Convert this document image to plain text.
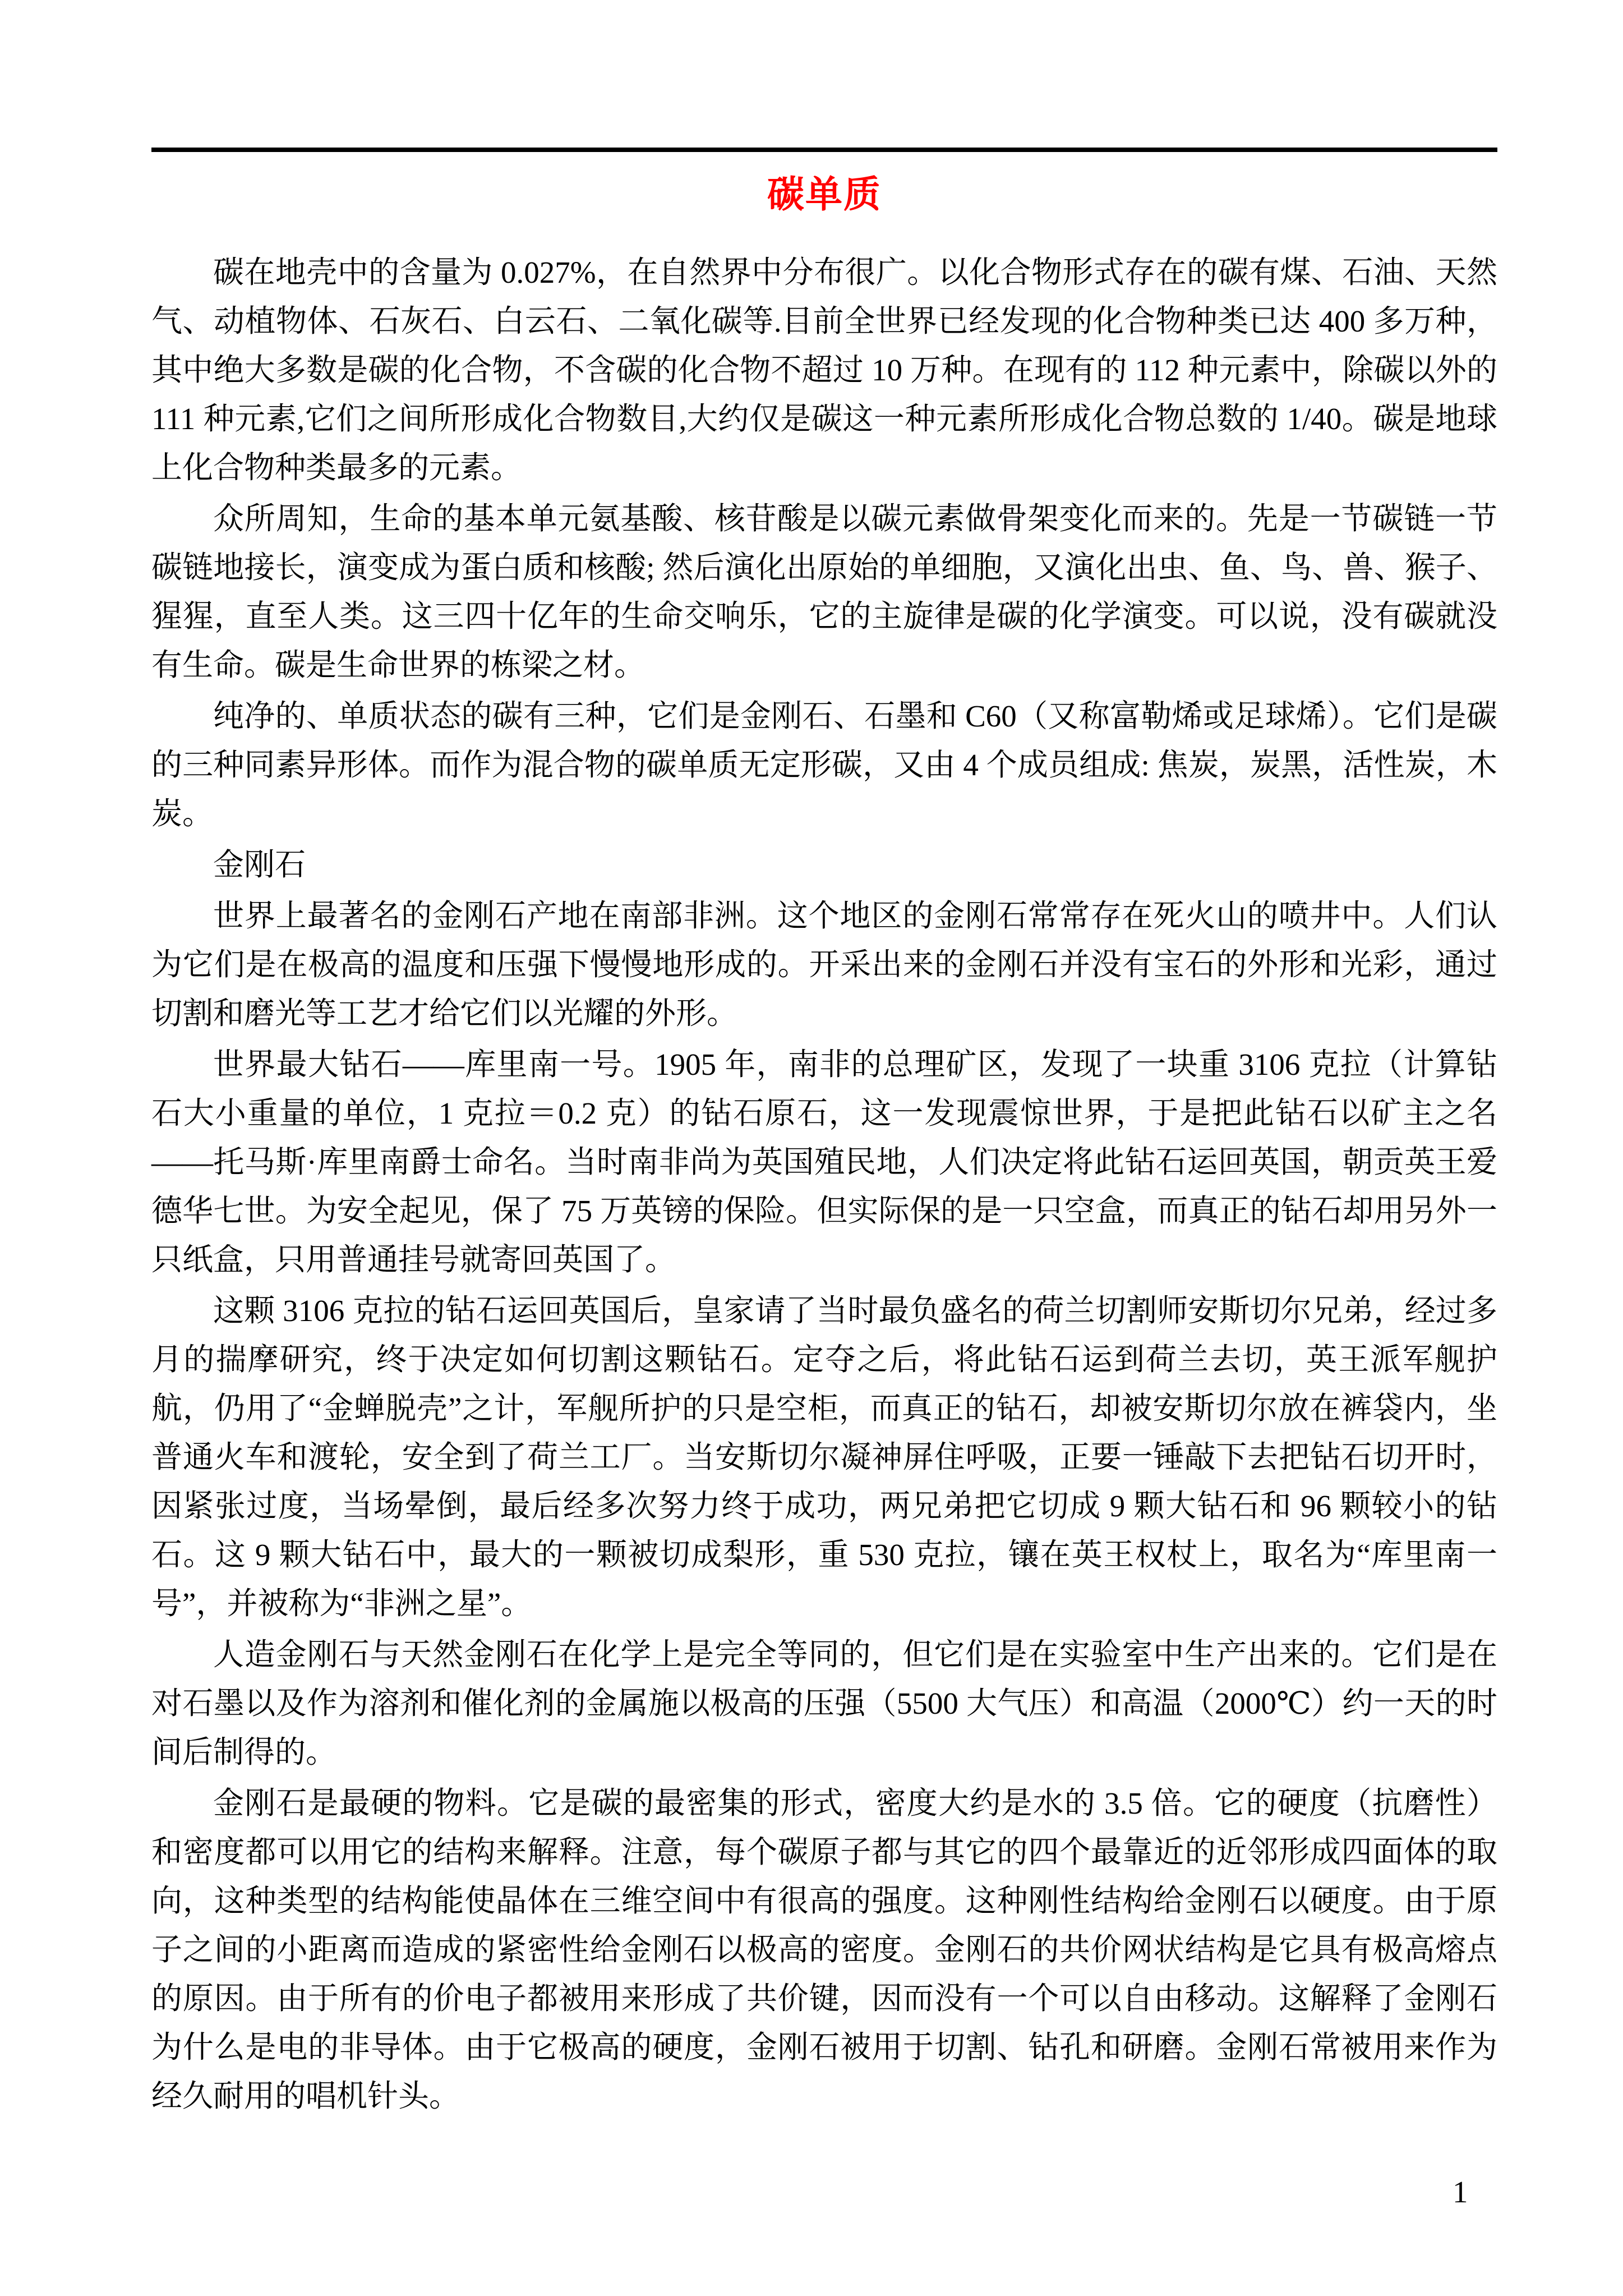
碳单质

碳在地壳中的含量为 0.027%，在自然界中分布很广。以化合物形式存在的碳有煤、石油、天然气、动植物体、石灰石、白云石、二氧化碳等.目前全世界已经发现的化合物种类已达 400 多万种，其中绝大多数是碳的化合物，不含碳的化合物不超过 10 万种。在现有的 112 种元素中，除碳以外的 111 种元素,它们之间所形成化合物数目,大约仅是碳这一种元素所形成化合物总数的 1/40。碳是地球上化合物种类最多的元素。

众所周知，生命的基本单元氨基酸、核苷酸是以碳元素做骨架变化而来的。先是一节碳链一节碳链地接长，演变成为蛋白质和核酸; 然后演化出原始的单细胞，又演化出虫、鱼、鸟、兽、猴子、猩猩，直至人类。这三四十亿年的生命交响乐，它的主旋律是碳的化学演变。可以说，没有碳就没有生命。碳是生命世界的栋梁之材。

纯净的、单质状态的碳有三种，它们是金刚石、石墨和 C60（又称富勒烯或足球烯）。它们是碳的三种同素异形体。而作为混合物的碳单质无定形碳，又由 4 个成员组成: 焦炭，炭黑，活性炭，木炭。

金刚石

世界上最著名的金刚石产地在南部非洲。这个地区的金刚石常常存在死火山的喷井中。人们认为它们是在极高的温度和压强下慢慢地形成的。开采出来的金刚石并没有宝石的外形和光彩，通过切割和磨光等工艺才给它们以光耀的外形。

世界最大钻石——库里南一号。1905 年，南非的总理矿区，发现了一块重 3106 克拉（计算钻石大小重量的单位，1 克拉＝0.2 克）的钻石原石，这一发现震惊世界，于是把此钻石以矿主之名——托马斯·库里南爵士命名。当时南非尚为英国殖民地，人们决定将此钻石运回英国，朝贡英王爱德华七世。为安全起见，保了 75 万英镑的保险。但实际保的是一只空盒，而真正的钻石却用另外一只纸盒，只用普通挂号就寄回英国了。

这颗 3106 克拉的钻石运回英国后，皇家请了当时最负盛名的荷兰切割师安斯切尔兄弟，经过多月的揣摩研究，终于决定如何切割这颗钻石。定夺之后，将此钻石运到荷兰去切，英王派军舰护航，仍用了“金蝉脱壳”之计，军舰所护的只是空柜，而真正的钻石，却被安斯切尔放在裤袋内，坐普通火车和渡轮，安全到了荷兰工厂。当安斯切尔凝神屏住呼吸，正要一锤敲下去把钻石切开时，因紧张过度，当场晕倒，最后经多次努力终于成功，两兄弟把它切成 9 颗大钻石和 96 颗较小的钻石。这 9 颗大钻石中，最大的一颗被切成梨形，重 530 克拉，镶在英王权杖上，取名为“库里南一号”，并被称为“非洲之星”。

人造金刚石与天然金刚石在化学上是完全等同的，但它们是在实验室中生产出来的。它们是在对石墨以及作为溶剂和催化剂的金属施以极高的压强（5500 大气压）和高温（2000℃）约一天的时间后制得的。

金刚石是最硬的物料。它是碳的最密集的形式，密度大约是水的 3.5 倍。它的硬度（抗磨性）和密度都可以用它的结构来解释。注意，每个碳原子都与其它的四个最靠近的近邻形成四面体的取向，这种类型的结构能使晶体在三维空间中有很高的强度。这种刚性结构给金刚石以硬度。由于原子之间的小距离而造成的紧密性给金刚石以极高的密度。金刚石的共价网状结构是它具有极高熔点的原因。由于所有的价电子都被用来形成了共价键，因而没有一个可以自由移动。这解释了金刚石为什么是电的非导体。由于它极高的硬度，金刚石被用于切割、钻孔和研磨。金刚石常被用来作为经久耐用的唱机针头。

1
